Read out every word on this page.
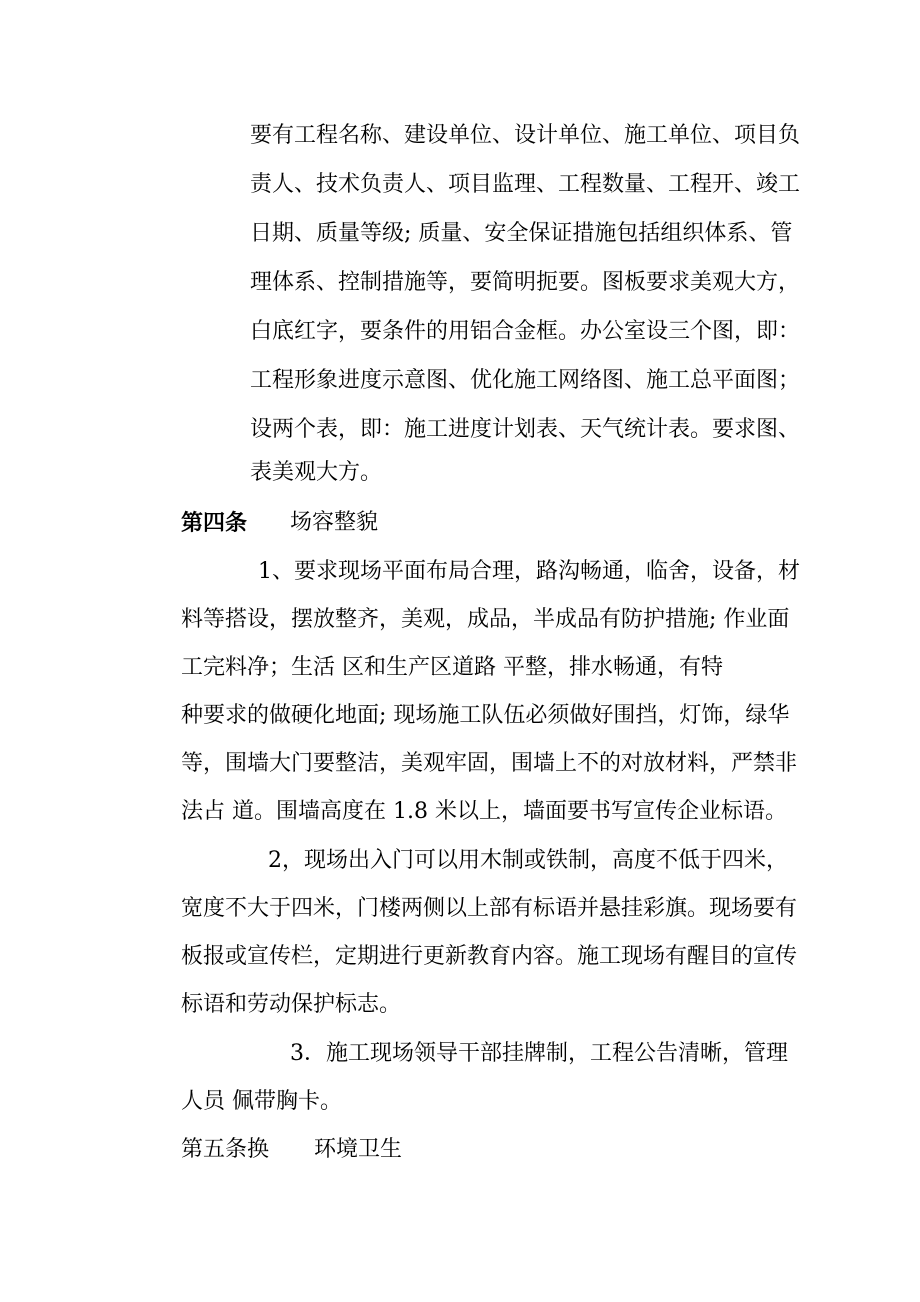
要有工程名称、建设单位、设计单位、施工单位、项目负
责人、技术负责人、项目监理、工程数量、工程开、竣工
日期、质量等级; 质量、安全保证措施包括组织体系、管
理体系、控制措施等，要简明扼要。图板要求美观大方，
白底红字，要条件的用铝合金框。办公室设三个图，即：
工程形象进度示意图、优化施工网络图、施工总平面图；
设两个表，即：施工进度计划表、天气统计表。要求图、
表美观大方。
第四条 场容整貌
1、要求现场平面布局合理，路沟畅通，临舍，设备，材
料等搭设，摆放整齐，美观，成品，半成品有防护措施; 作业面
工完料净；生活 区和生产区道路 平整，排水畅通，有特
种要求的做硬化地面; 现场施工队伍必须做好围挡，灯饰，绿华
等，围墙大门要整洁，美观牢固，围墙上不的对放材料，严禁非
法占 道。围墙高度在 1.8 米以上，墙面要书写宣传企业标语。
2，现场出入门可以用木制或铁制，高度不低于四米，
宽度不大于四米，门楼两侧以上部有标语并悬挂彩旗。现场要有
板报或宣传栏，定期进行更新教育内容。施工现场有醒目的宣传
标语和劳动保护标志。
3．施工现场领导干部挂牌制，工程公告清晰，管理
人员 佩带胸卡。
第五条换 环境卫生
